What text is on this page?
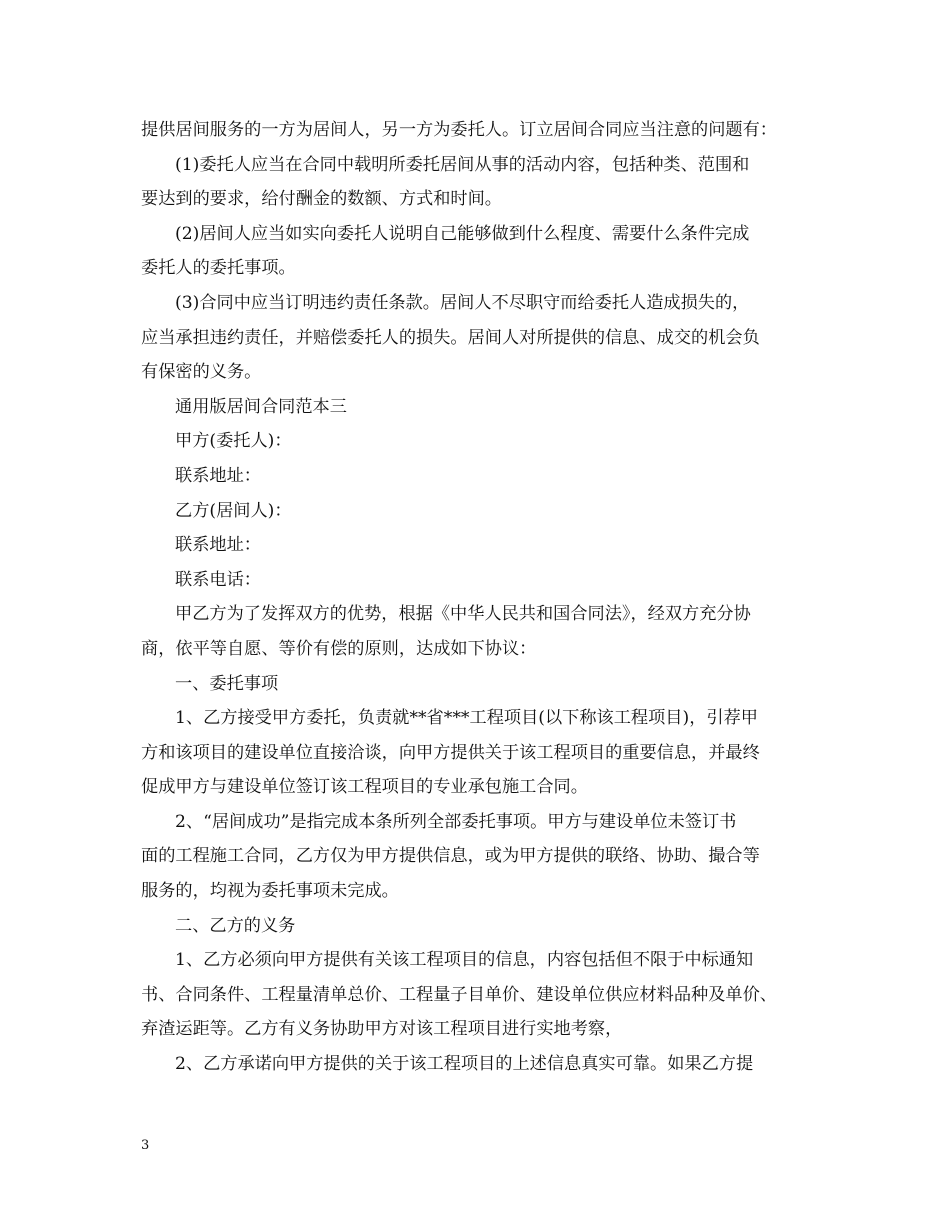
提供居间服务的一方为居间人，另一方为委托人。订立居间合同应当注意的问题有：
(1)委托人应当在合同中载明所委托居间从事的活动内容，包括种类、范围和
要达到的要求，给付酬金的数额、方式和时间。
(2)居间人应当如实向委托人说明自己能够做到什么程度、需要什么条件完成
委托人的委托事项。
(3)合同中应当订明违约责任条款。居间人不尽职守而给委托人造成损失的，
应当承担违约责任，并赔偿委托人的损失。居间人对所提供的信息、成交的机会负
有保密的义务。
通用版居间合同范本三
甲方(委托人)：
联系地址：
乙方(居间人)：
联系地址：
联系电话：
甲乙方为了发挥双方的优势，根据《中华人民共和国合同法》，经双方充分协
商，依平等自愿、等价有偿的原则，达成如下协议：
一、委托事项
1、乙方接受甲方委托，负责就**省***工程项目(以下称该工程项目)，引荐甲
方和该项目的建设单位直接洽谈，向甲方提供关于该工程项目的重要信息，并最终
促成甲方与建设单位签订该工程项目的专业承包施工合同。
2、“居间成功”是指完成本条所列全部委托事项。甲方与建设单位未签订书
面的工程施工合同，乙方仅为甲方提供信息，或为甲方提供的联络、协助、撮合等
服务的，均视为委托事项未完成。
二、乙方的义务
1、乙方必须向甲方提供有关该工程项目的信息，内容包括但不限于中标通知
书、合同条件、工程量清单总价、工程量子目单价、建设单位供应材料品种及单价、
弃渣运距等。乙方有义务协助甲方对该工程项目进行实地考察，
2、乙方承诺向甲方提供的关于该工程项目的上述信息真实可靠。如果乙方提
3
